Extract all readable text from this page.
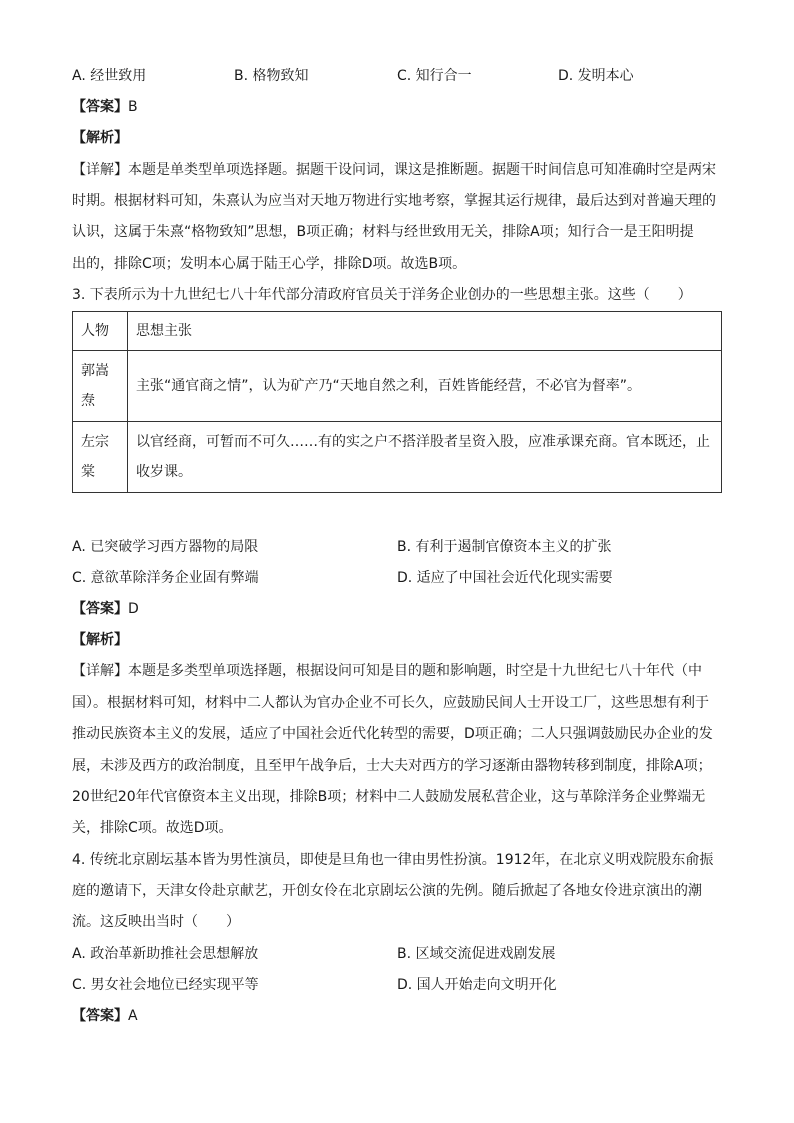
A. 经世致用	B. 格物致知	C. 知行合一	D. 发明本心
【答案】B
【解析】
【详解】本题是单类型单项选择题。据题干设问词，课这是推断题。据题干时间信息可知准确时空是两宋
时期。根据材料可知，朱熹认为应当对天地万物进行实地考察，掌握其运行规律，最后达到对普遍天理的
认识，这属于朱熹“格物致知”思想，B项正确；材料与经世致用无关，排除A项；知行合一是王阳明提
出的，排除C项；发明本心属于陆王心学，排除D项。故选B项。
3. 下表所示为十九世纪七八十年代部分清政府官员关于洋务企业创办的一些思想主张。这些（　　）
人物	思想主张
郭嵩焘	主张“通官商之情”，认为矿产乃“天地自然之利，百姓皆能经营，不必官为督率”。
左宗棠	以官经商，可暂而不可久……有的实之户不搭洋股者呈资入股，应准承课充商。官本既还，止收岁课。
A. 已突破学习西方器物的局限	B. 有利于遏制官僚资本主义的扩张
C. 意欲革除洋务企业固有弊端	D. 适应了中国社会近代化现实需要
【答案】D
【解析】
【详解】本题是多类型单项选择题，根据设问可知是目的题和影响题，时空是十九世纪七八十年代（中
国）。根据材料可知，材料中二人都认为官办企业不可长久，应鼓励民间人士开设工厂，这些思想有利于
推动民族资本主义的发展，适应了中国社会近代化转型的需要，D项正确；二人只强调鼓励民办企业的发
展，未涉及西方的政治制度，且至甲午战争后，士大夫对西方的学习逐渐由器物转移到制度，排除A项；
20世纪20年代官僚资本主义出现，排除B项；材料中二人鼓励发展私营企业，这与革除洋务企业弊端无
关，排除C项。故选D项。
4. 传统北京剧坛基本皆为男性演员，即使是旦角也一律由男性扮演。1912年，在北京义明戏院股东俞振
庭的邀请下，天津女伶赴京献艺，开创女伶在北京剧坛公演的先例。随后掀起了各地女伶进京演出的潮
流。这反映出当时（　　）
A. 政治革新助推社会思想解放	B. 区域交流促进戏剧发展
C. 男女社会地位已经实现平等	D. 国人开始走向文明开化
【答案】A
